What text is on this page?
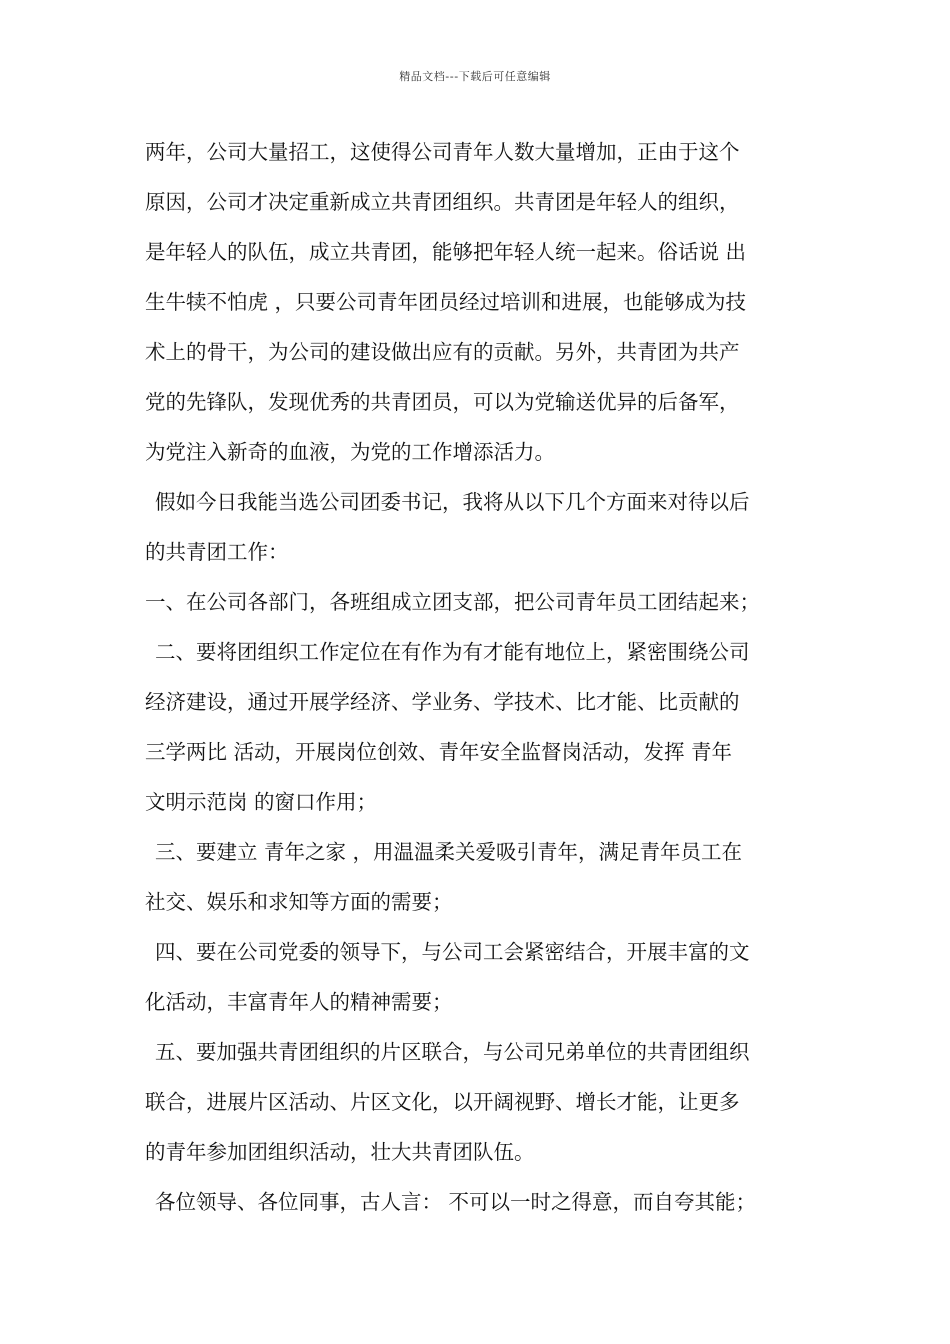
精品文档---下载后可任意编辑
两年，公司大量招工，这使得公司青年人数大量增加，正由于这个
原因，公司才决定重新成立共青团组织。共青团是年轻人的组织，
是年轻人的队伍，成立共青团，能够把年轻人统一起来。俗话说 出
生牛犊不怕虎 ，只要公司青年团员经过培训和进展，也能够成为技
术上的骨干，为公司的建设做出应有的贡献。另外，共青团为共产
党的先锋队，发现优秀的共青团员，可以为党输送优异的后备军，
为党注入新奇的血液，为党的工作增添活力。
假如今日我能当选公司团委书记，我将从以下几个方面来对待以后
的共青团工作：
一、在公司各部门，各班组成立团支部，把公司青年员工团结起来；
二、要将团组织工作定位在有作为有才能有地位上，紧密围绕公司
经济建设，通过开展学经济、学业务、学技术、比才能、比贡献的
三学两比 活动，开展岗位创效、青年安全监督岗活动，发挥 青年
文明示范岗 的窗口作用；
三、要建立 青年之家 ，用温温柔关爱吸引青年，满足青年员工在
社交、娱乐和求知等方面的需要；
四、要在公司党委的领导下，与公司工会紧密结合，开展丰富的文
化活动，丰富青年人的精神需要；
五、要加强共青团组织的片区联合，与公司兄弟单位的共青团组织
联合，进展片区活动、片区文化，以开阔视野、增长才能，让更多
的青年参加团组织活动，壮大共青团队伍。
各位领导、各位同事，古人言： 不可以一时之得意，而自夸其能；
